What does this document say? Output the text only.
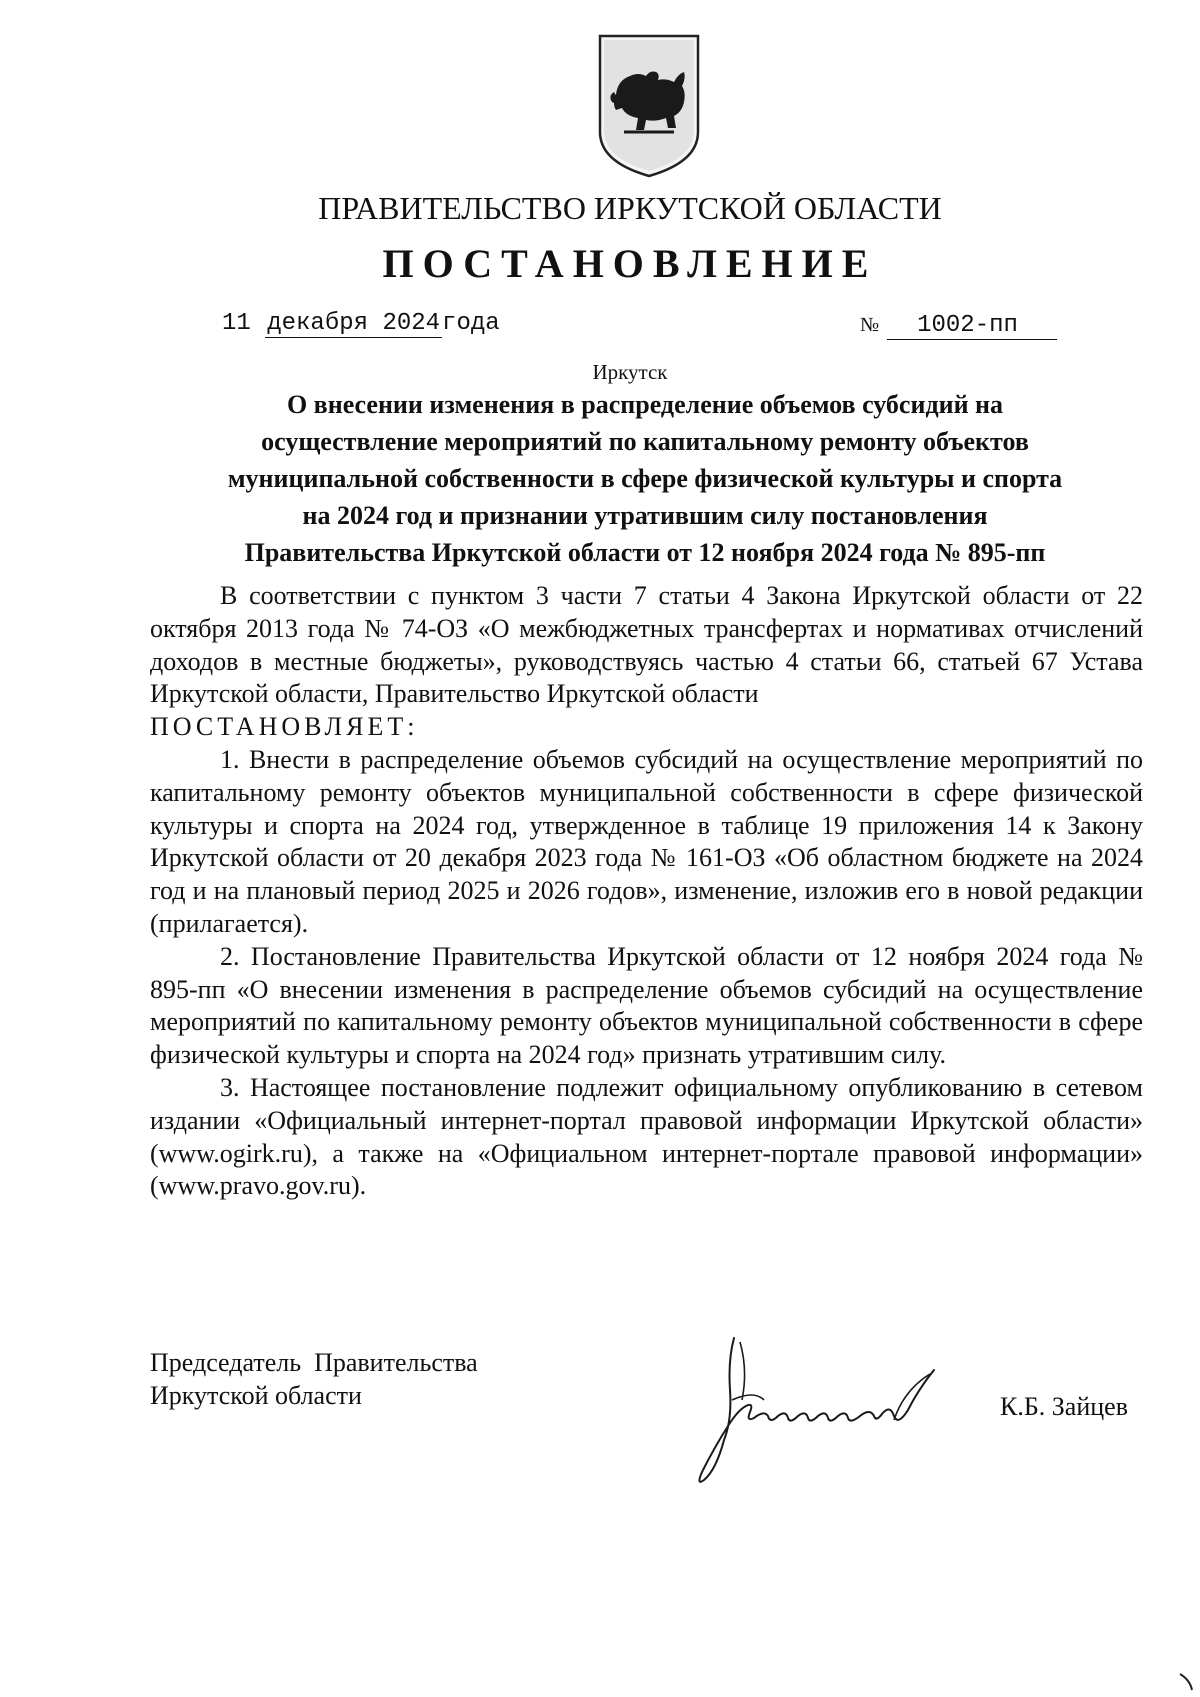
ПРАВИТЕЛЬСТВО ИРКУТСКОЙ ОБЛАСТИ
ПОСТАНОВЛЕНИЕ
11 декабря 2024года	№ 1002-пп
Иркутск
О внесении изменения в распределение объемов субсидий на
осуществление мероприятий по капитальному ремонту объектов
муниципальной собственности в сфере физической культуры и спорта
на 2024 год и признании утратившим силу постановления
Правительства Иркутской области от 12 ноября 2024 года № 895-пп

В соответствии с пунктом 3 части 7 статьи 4 Закона Иркутской области от 22 октября 2013 года № 74-ОЗ «О межбюджетных трансфертах и нормативах отчислений доходов в местные бюджеты», руководствуясь частью 4 статьи 66, статьей 67 Устава Иркутской области, Правительство Иркутской области

ПОСТАНОВЛЯЕТ:

1. Внести в распределение объемов субсидий на осуществление мероприятий по капитальному ремонту объектов муниципальной собственности в сфере физической культуры и спорта на 2024 год, утвержденное в таблице 19 приложения 14 к Закону Иркутской области от 20 декабря 2023 года № 161-ОЗ «Об областном бюджете на 2024 год и на плановый период 2025 и 2026 годов», изменение, изложив его в новой редакции (прилагается).

2. Постановление Правительства Иркутской области от 12 ноября 2024 года № 895-пп «О внесении изменения в распределение объемов субсидий на осуществление мероприятий по капитальному ремонту объектов муниципальной собственности в сфере физической культуры и спорта на 2024 год» признать утратившим силу.

3. Настоящее постановление подлежит официальному опубликованию в сетевом издании «Официальный интернет-портал правовой информации Иркутской области» (www.ogirk.ru), а также на «Официальном интернет-портале правовой информации» (www.pravo.gov.ru).

Председатель  Правительства
Иркутской области	К.Б. Зайцев
